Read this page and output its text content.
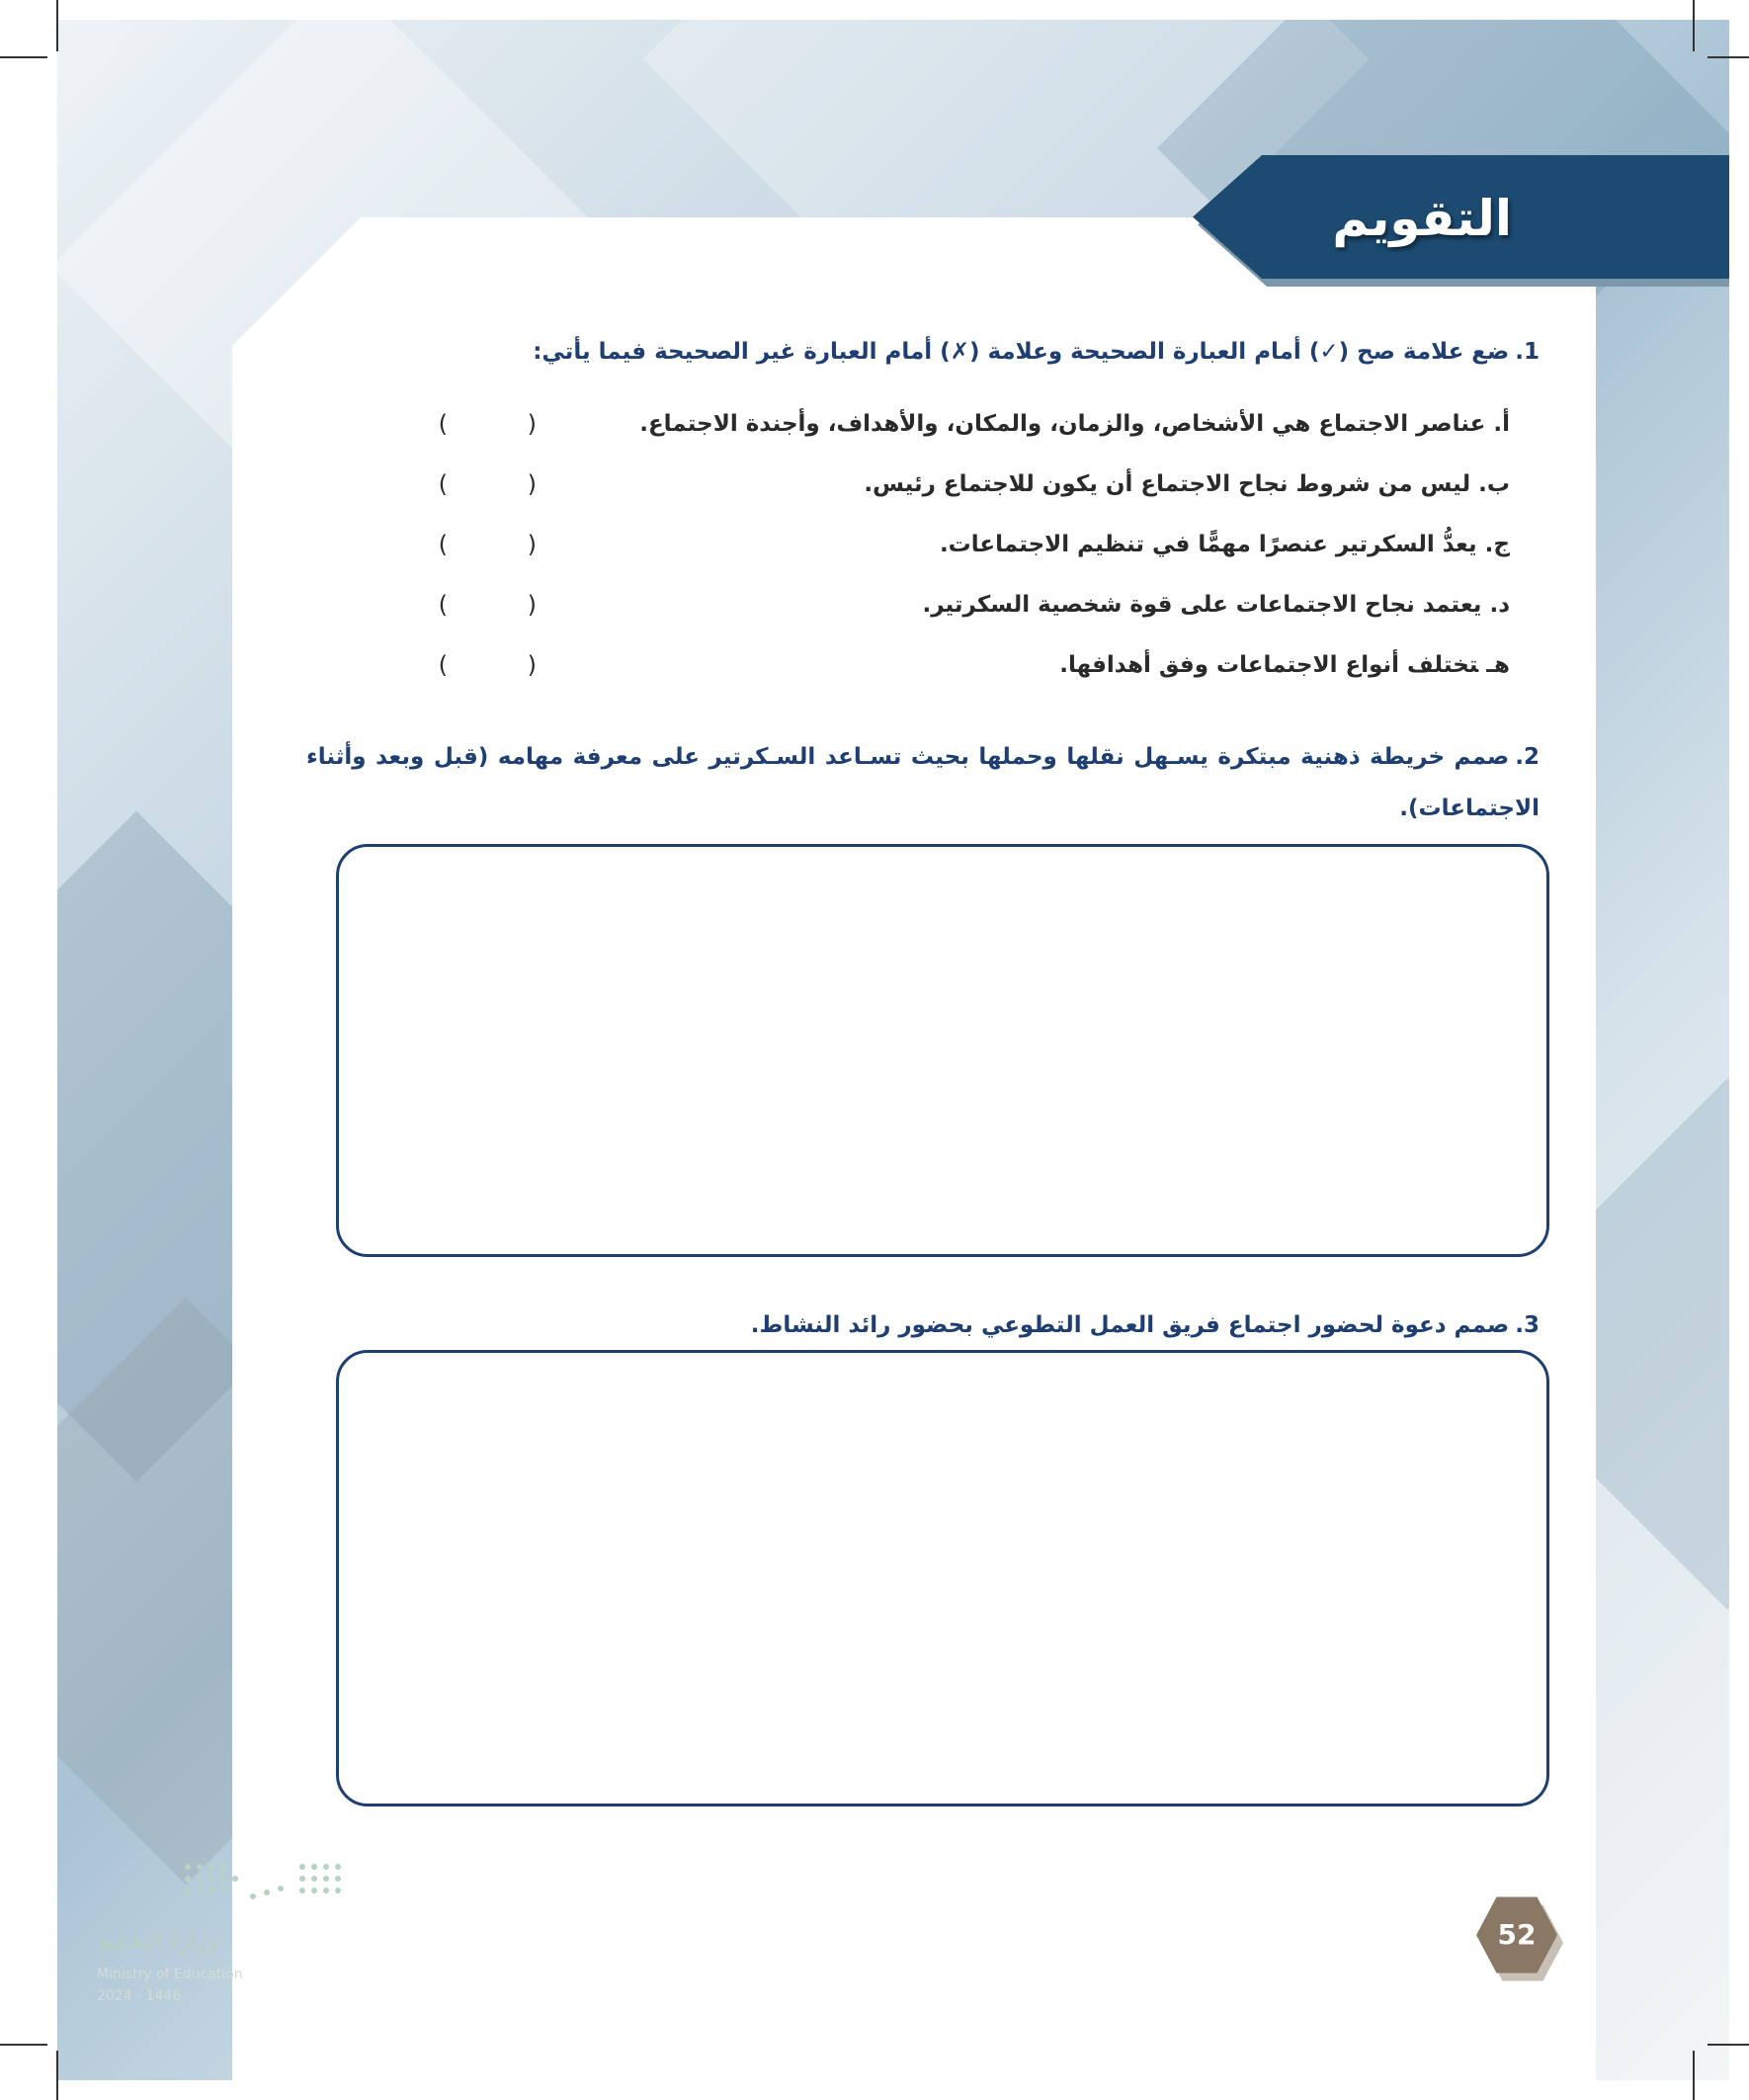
التقويم
1.ضع علامة صح (✓) أمام العبارة الصحيحة وعلامة (✗) أمام العبارة غير الصحيحة فيما يأتي:
أ.عناصر الاجتماع هي الأشخاص، والزمان، والمكان، والأهداف، وأجندة الاجتماع.
(
)
ب.ليس من شروط نجاح الاجتماع أن يكون للاجتماع رئيس.
(
)
ج.يعدُّ السكرتير عنصرًا مهمًّا في تنظيم الاجتماعات.
(
)
د.يعتمد نجاح الاجتماعات على قوة شخصية السكرتير.
(
)
هـتختلف أنواع الاجتماعات وفق أهدافها.
(
)
2.صمم خريطة ذهنية مبتكرة يسـهل نقلها وحملها بحيث تسـاعد السـكرتير على معرفة مهامه (قبل وبعد وأثناء الاجتماعات).
3.صمم دعوة لحضور اجتماع فريق العمل التطوعي بحضور رائد النشاط.
52
وزارة التعـليم
Ministry of Education
2024 - 1446
